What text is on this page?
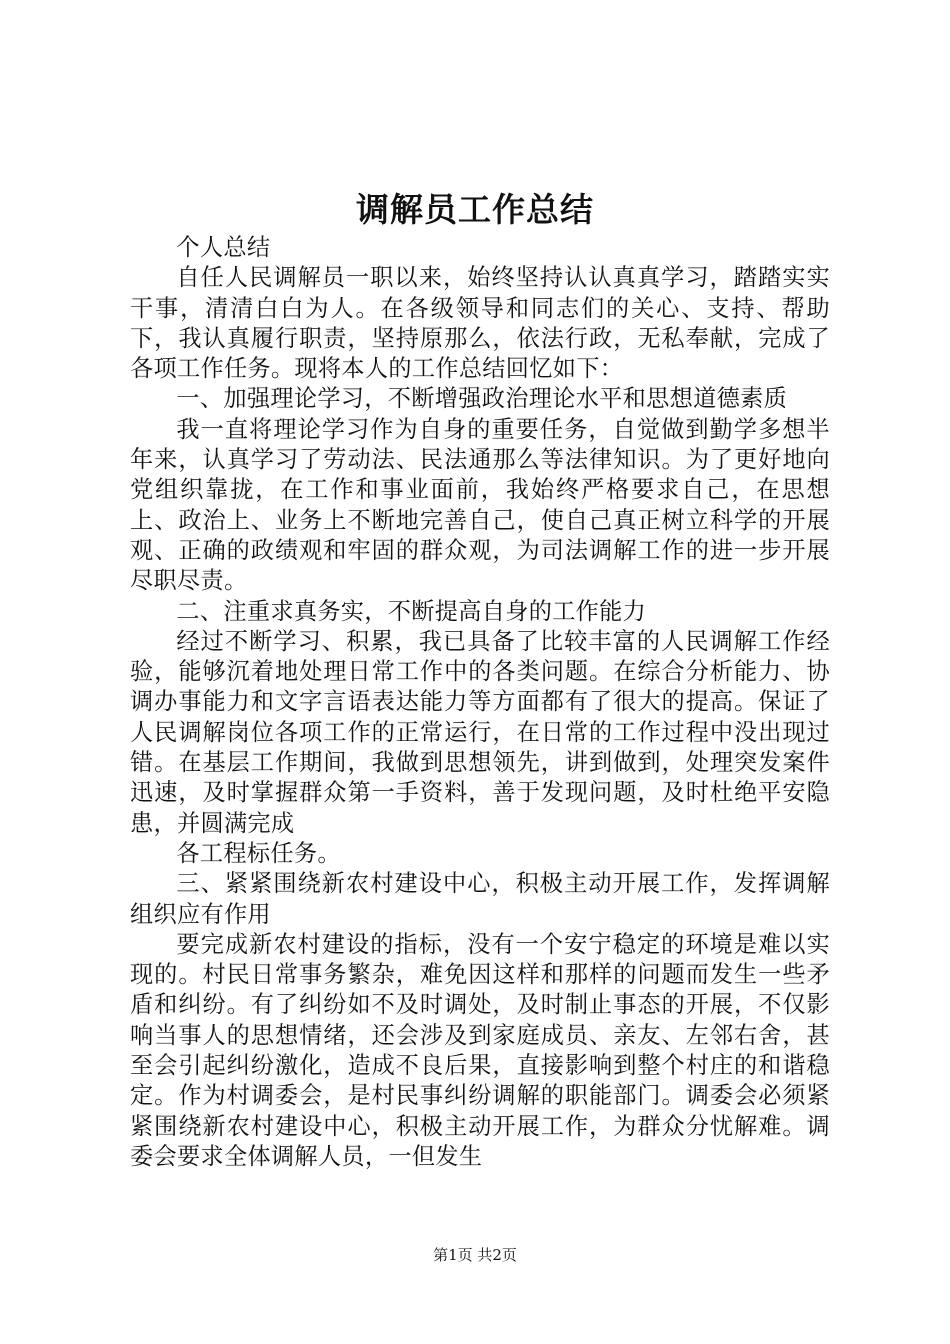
调解员工作总结

个人总结

自任人民调解员一职以来，始终坚持认认真真学习，踏踏实实干事，清清白白为人。在各级领导和同志们的关心、支持、帮助下，我认真履行职责，坚持原那么，依法行政，无私奉献，完成了各项工作任务。现将本人的工作总结回忆如下：

一、加强理论学习，不断增强政治理论水平和思想道德素质

我一直将理论学习作为自身的重要任务，自觉做到勤学多想半年来，认真学习了劳动法、民法通那么等法律知识。为了更好地向党组织靠拢，在工作和事业面前，我始终严格要求自己，在思想上、政治上、业务上不断地完善自己，使自己真正树立科学的开展观、正确的政绩观和牢固的群众观，为司法调解工作的进一步开展尽职尽责。

二、注重求真务实，不断提高自身的工作能力

经过不断学习、积累，我已具备了比较丰富的人民调解工作经验，能够沉着地处理日常工作中的各类问题。在综合分析能力、协调办事能力和文字言语表达能力等方面都有了很大的提高。保证了人民调解岗位各项工作的正常运行，在日常的工作过程中没出现过错。在基层工作期间，我做到思想领先，讲到做到，处理突发案件迅速，及时掌握群众第一手资料，善于发现问题，及时杜绝平安隐患，并圆满完成

各工程标任务。

三、紧紧围绕新农村建设中心，积极主动开展工作，发挥调解组织应有作用

要完成新农村建设的指标，没有一个安宁稳定的环境是难以实现的。村民日常事务繁杂，难免因这样和那样的问题而发生一些矛盾和纠纷。有了纠纷如不及时调处，及时制止事态的开展，不仅影响当事人的思想情绪，还会涉及到家庭成员、亲友、左邻右舍，甚至会引起纠纷激化，造成不良后果，直接影响到整个村庄的和谐稳定。作为村调委会，是村民事纠纷调解的职能部门。调委会必须紧紧围绕新农村建设中心，积极主动开展工作，为群众分忧解难。调委会要求全体调解人员，一但发生

第1页 共2页
